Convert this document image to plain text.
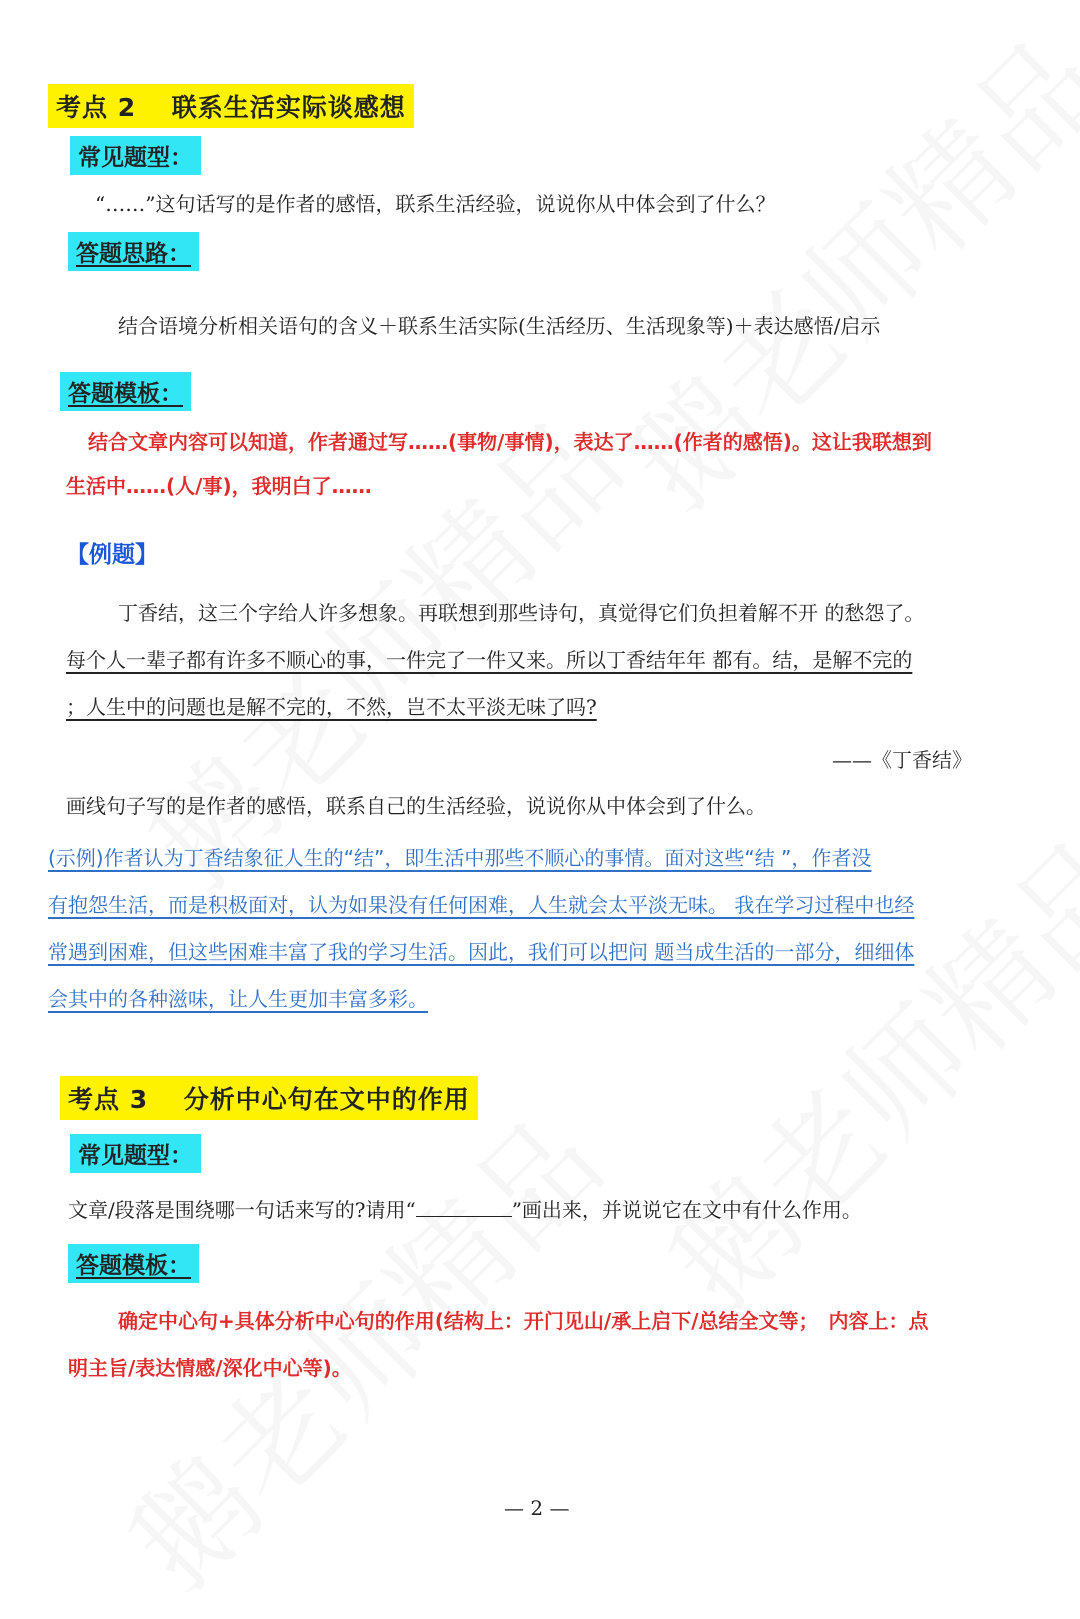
考点 2　 联系生活实际谈感想
常见题型：
“……”这句话写的是作者的感悟，联系生活经验，说说你从中体会到了什么？
答题思路：
结合语境分析相关语句的含义＋联系生活实际(生活经历、生活现象等)＋表达感悟/启示
答题模板：
结合文章内容可以知道，作者通过写……(事物/事情)，表达了……(作者的感悟)。这让我联想到
生活中……(人/事)，我明白了……
【例题】
丁香结，这三个字给人许多想象。再联想到那些诗句，真觉得它们负担着解不开 的愁怨了。
每个人一辈子都有许多不顺心的事，一件完了一件又来。所以丁香结年年 都有。结，是解不完的
；人生中的问题也是解不完的，不然，岂不太平淡无味了吗?
——《丁香结》
画线句子写的是作者的感悟，联系自己的生活经验，说说你从中体会到了什么。
(示例)作者认为丁香结象征人生的“结”，即生活中那些不顺心的事情。面对这些“结 ”，作者没
有抱怨生活，而是积极面对，认为如果没有任何困难，人生就会太平淡无味。 我在学习过程中也经
常遇到困难，但这些困难丰富了我的学习生活。因此，我们可以把问 题当成生活的一部分，细细体
会其中的各种滋味，让人生更加丰富多彩。
考点 3　 分析中心句在文中的作用
常见题型：
文章/段落是围绕哪一句话来写的?请用“	”画出来，并说说它在文中有什么作用。
答题模板：
确定中心句+具体分析中心句的作用(结构上：开门见山/承上启下/总结全文等；　内容上：点
明主旨/表达情感/深化中心等)。
— 2 —
